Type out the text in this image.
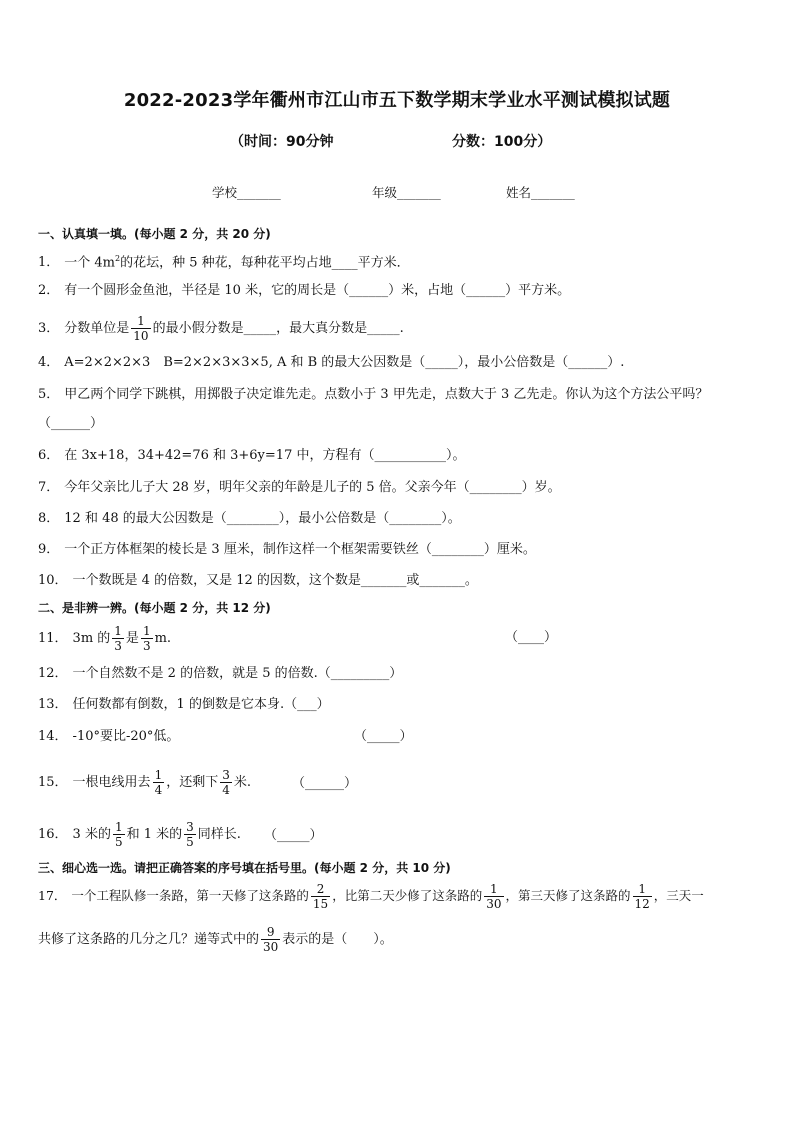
2022-2023学年衢州市江山市五下数学期末学业水平测试模拟试题
（时间：90分钟	分数：100分）
学校_______	年级_______	姓名_______
一、认真填一填。(每小题 2 分，共 20 分)
1． 一个 $4m^2$的花坛，种 5 种花，每种花平均占地____平方米．
2． 有一个圆形金鱼池，半径是 10 米，它的周长是（______）米，占地（______）平方米。
3． 分数单位是 $\frac{1}{10}$ 的最小假分数是_____，最大真分数是_____.
4． A=2×2×2×3　B=2×2×3×3×5, A 和 B 的最大公因数是（_____），最小公倍数是（______）.
5． 甲乙两个同学下跳棋，用掷骰子决定谁先走。点数小于 3 甲先走，点数大于 3 乙先走。你认为这个方法公平吗？
（______）
6． 在 3x+18，34+42=76 和 3+6y=17 中，方程有（___________）。
7． 今年父亲比儿子大 28 岁，明年父亲的年龄是儿子的 5 倍。父亲今年（________）岁。
8． 12 和 48 的最大公因数是（________），最小公倍数是（________）。
9． 一个正方体框架的棱长是 3 厘米，制作这样一个框架需要铁丝（________）厘米。
10． 一个数既是 4 的倍数，又是 12 的因数，这个数是_______或_______。
二、是非辨一辨。(每小题 2 分，共 12 分)
11． 3m 的 $\frac{1}{3}$ 是 $\frac{1}{3} m$.	（____）
12． 一个自然数不是 2 的倍数，就是 5 的倍数.（_________）
13． 任何数都有倒数，1 的倒数是它本身.（___）
14． -10°要比-20°低。	（_____）
15． 一根电线用去 $\frac{1}{4}$ ，还剩下 $\frac{3}{4}$ 米.	（______）
16． 3 米的 $\frac{1}{5}$ 和 1 米的 $\frac{3}{5}$ 同样长. （_____）
三、细心选一选。请把正确答案的序号填在括号里。(每小题 2 分，共 10 分)
17． 一个工程队修一条路，第一天修了这条路的 $\frac{2}{15}$ ，比第二天少修了这条路的 $\frac{1}{30}$ ，第三天修了这条路的 $\frac{1}{12}$ ，三天一
共修了这条路的几分之几？递等式中的 $\frac{9}{30}$ 表示的是（　　）。
